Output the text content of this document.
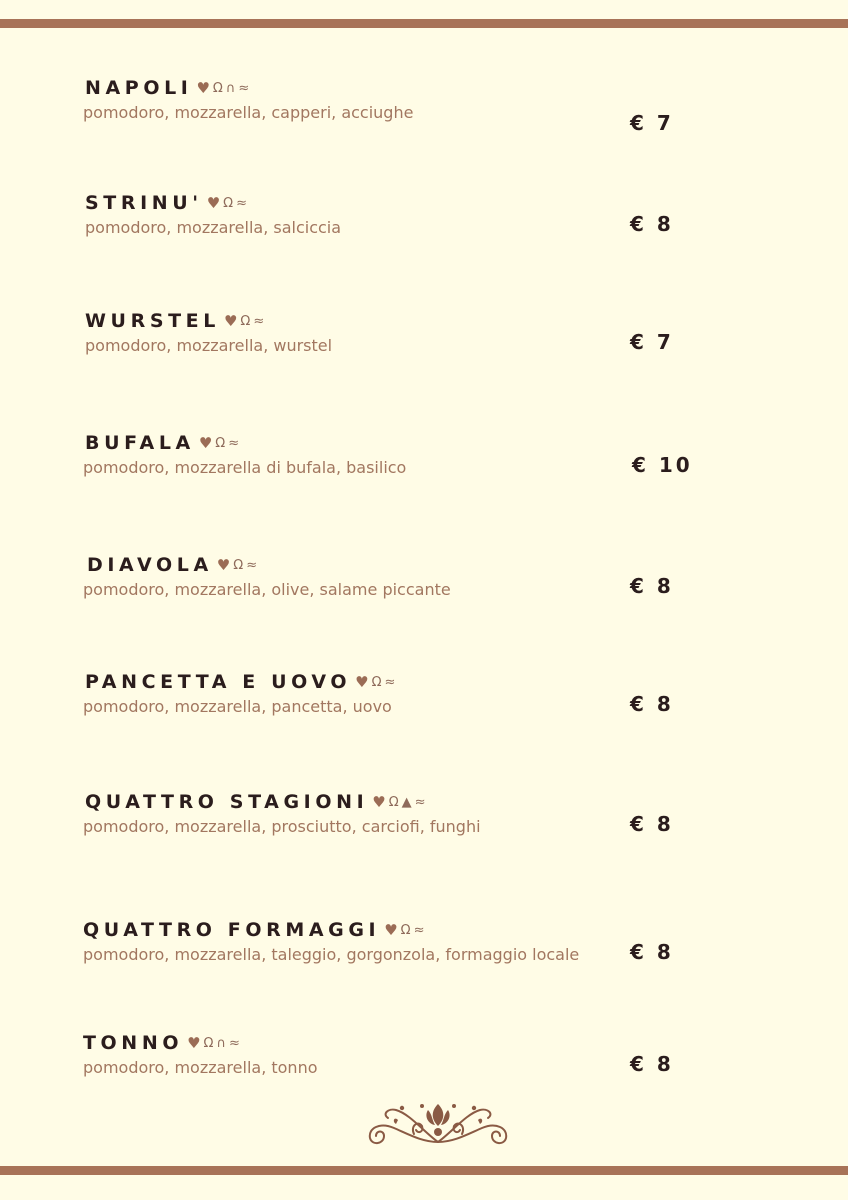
NAPOLI ♥ Ω ∩ ≈
pomodoro, mozzarella, capperi, acciughe	€ 7
STRINU' ♥ Ω ≈
pomodoro, mozzarella, salciccia	€ 8
WURSTEL ♥ Ω ≈
pomodoro, mozzarella, wurstel	€ 7
BUFALA ♥ Ω ≈
pomodoro, mozzarella di bufala, basilico	€ 10
DIAVOLA ♥ Ω ≈
pomodoro, mozzarella, olive, salame piccante	€ 8
PANCETTA E UOVO ♥ Ω ≈
pomodoro, mozzarella, pancetta, uovo	€ 8
QUATTRO STAGIONI ♥ Ω ▲ ≈
pomodoro, mozzarella, prosciutto, carciofi, funghi	€ 8
QUATTRO FORMAGGI ♥ Ω ≈
pomodoro, mozzarella, taleggio, gorgonzola, formaggio locale	€ 8
TONNO ♥ Ω ∩ ≈
pomodoro, mozzarella, tonno	€ 8
